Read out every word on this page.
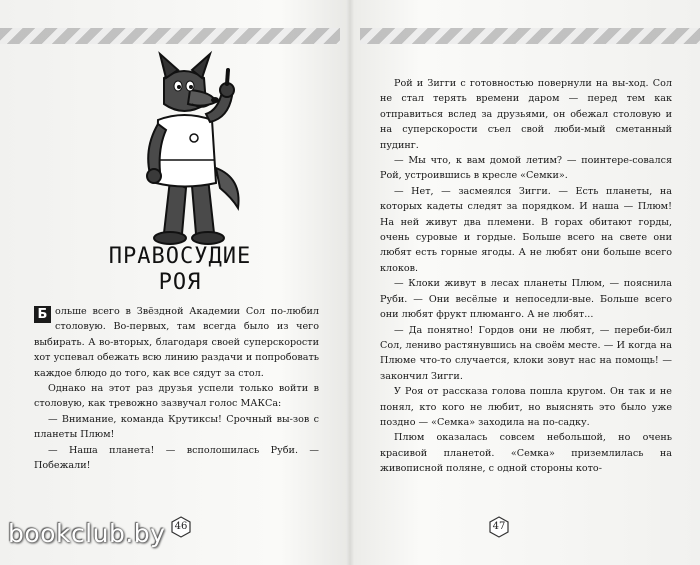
ПРАВОСУДИЕ
РОЯ

Б ольше всего в Звёздной Академии Сол по-любил столовую. Во-первых, там всегда было из чего выбирать. А во-вторых, благодаря своей суперскорости хот успевал обежать всю линию раздачи и попробовать каждое блюдо до того, как все сядут за стол.

Однако на этот раз друзья успели только войти в столовую, как тревожно зазвучал голос МАКСа:

— Внимание, команда Крутиксы! Срочный вы-зов с планеты Плюм!

— Наша планета! — всполошилась Руби. — Побежали!

46

Рой и Зигги с готовностью повернули на вы-ход. Сол не стал терять времени даром — перед тем как отправиться вслед за друзьями, он обежал столовую и на суперскорости съел свой люби-мый сметанный пудинг.

— Мы что, к вам домой летим? — поинтере-совался Рой, устроившись в кресле «Семки».

— Нет, — засмеялся Зигги. — Есть планеты, на которых кадеты следят за порядком. И наша — Плюм! На ней живут два племени. В горах обитают горды, очень суровые и гордые. Больше всего на свете они любят есть горные ягоды. А не любят они больше всего клоков.

— Клоки живут в лесах планеты Плюм, — пояснила Руби. — Они весёлые и непоседли-вые. Больше всего они любят фрукт плюманго. А не любят...

— Да понятно! Гордов они не любят, — переби-бил Сол, лениво растянувшись на своём месте. — И когда на Плюме что-то случается, клоки зовут нас на помощь! — закончил Зигги.

У Роя от рассказа голова пошла кругом. Он так и не понял, кто кого не любит, но выяснять это было уже поздно — «Семка» заходила на по-садку.

Плюм оказалась совсем небольшой, но очень красивой планетой. «Семка» приземлилась на живописной поляне, с одной стороны кото-

47
bookclub.by
